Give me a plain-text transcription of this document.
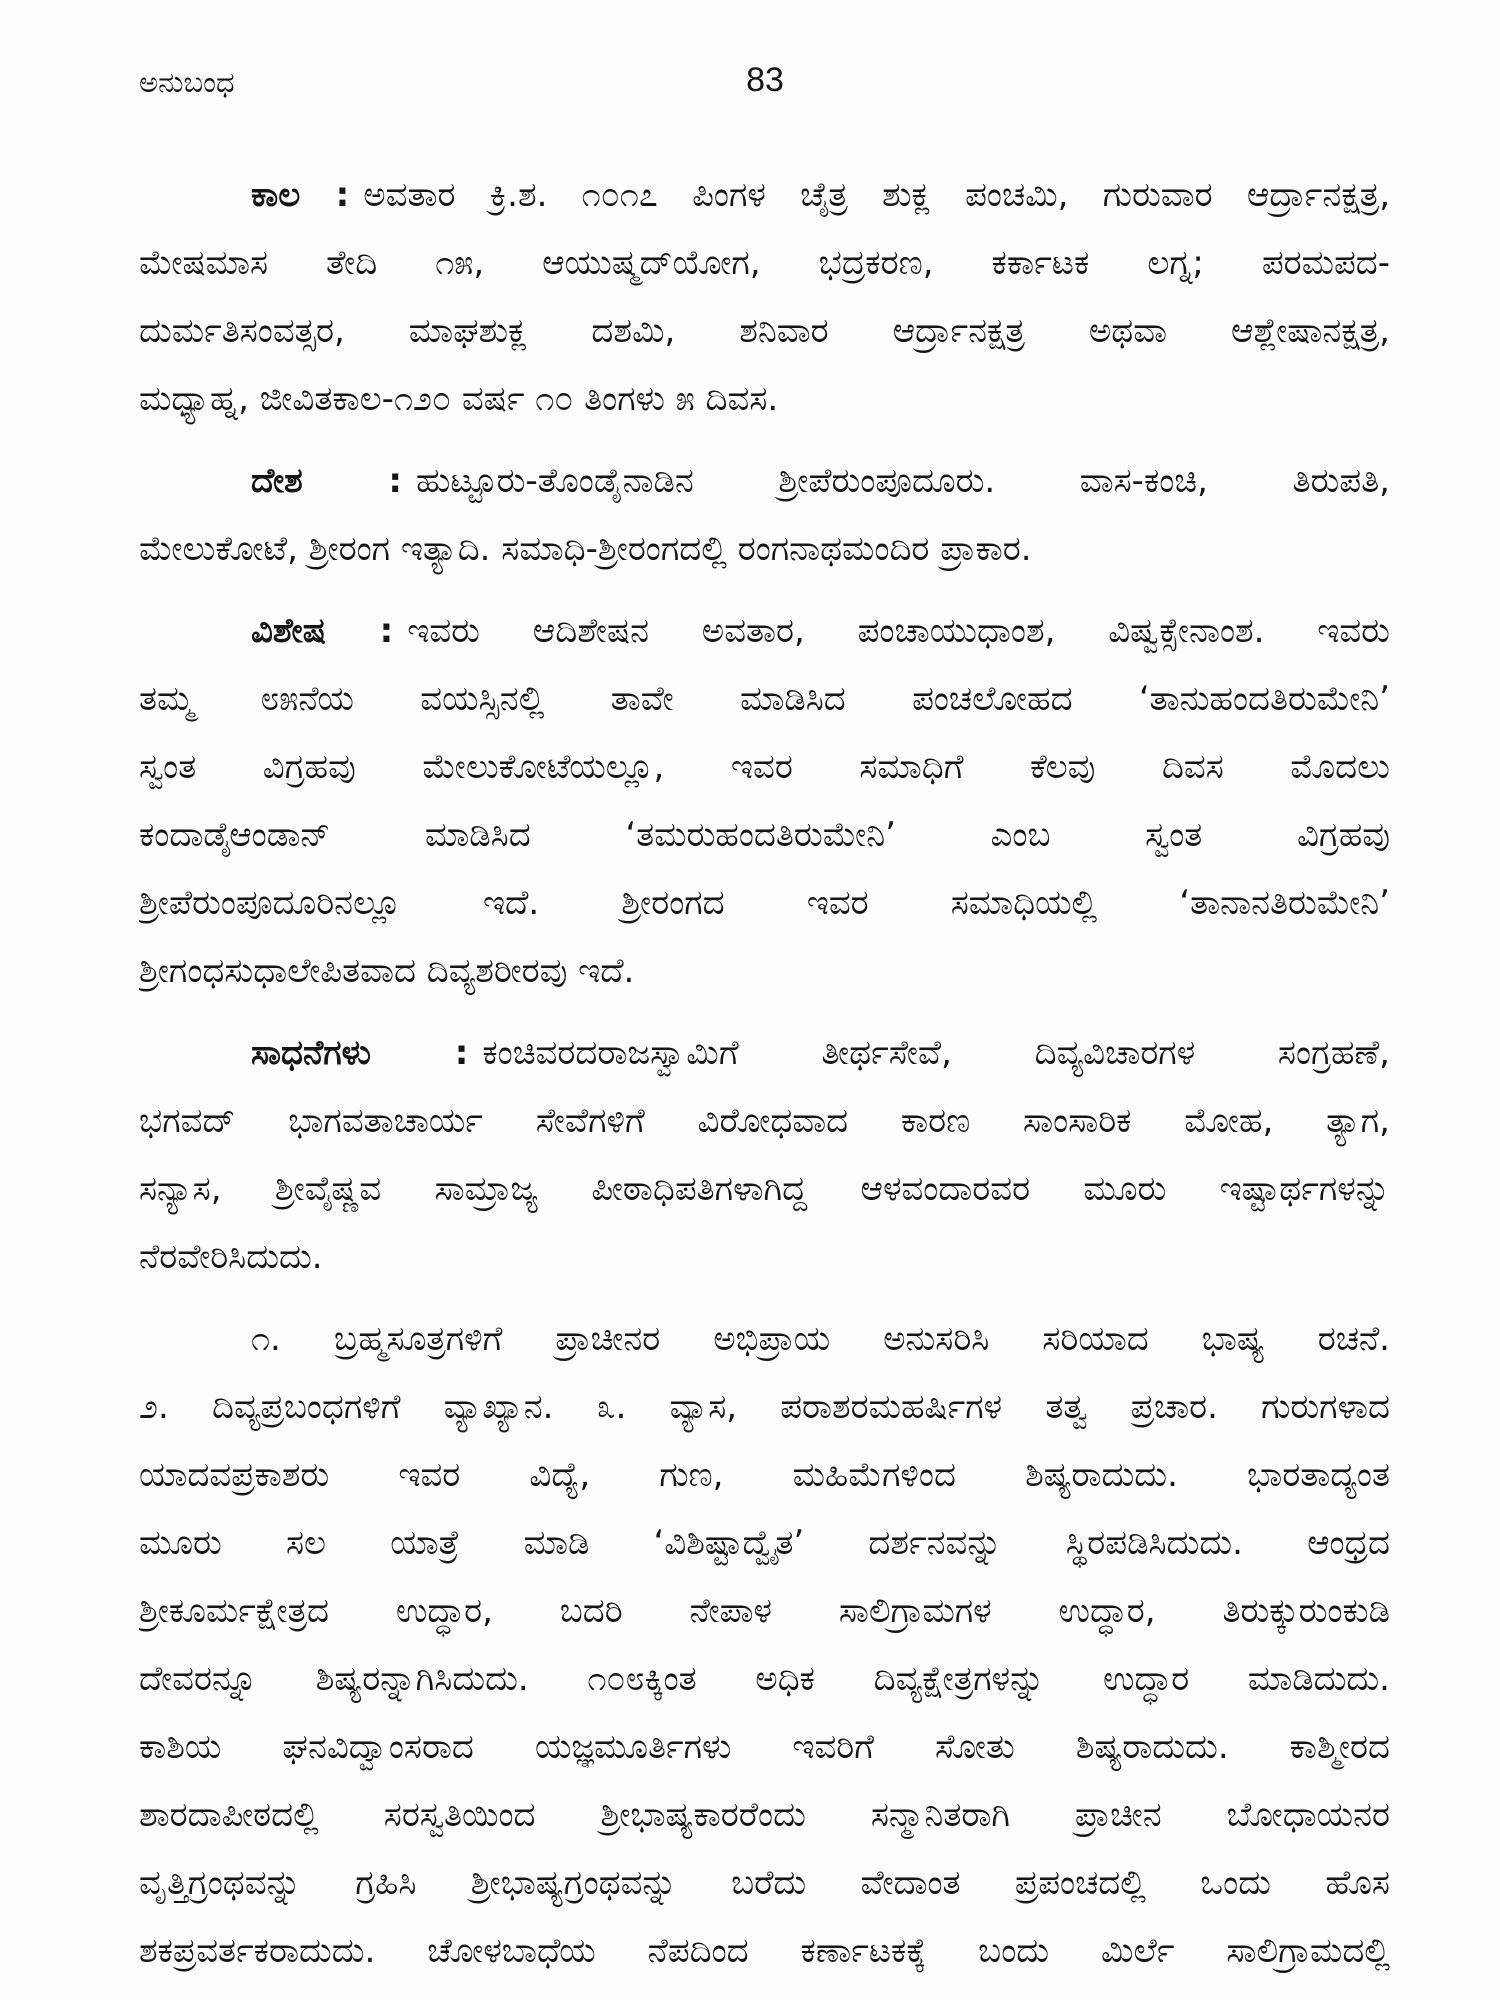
ಅನುಬಂಧ	83
ಕಾಲ : ಅವತಾರ ಕ್ರಿ.ಶ. ೧೦೧೭ ಪಿಂಗಳ ಚೈತ್ರ ಶುಕ್ಲ ಪಂಚಮಿ, ಗುರುವಾರ ಆರ್ದ್ರಾನಕ್ಷತ್ರ,
ಮೇಷಮಾಸ ತೇದಿ ೧೫, ಆಯುಷ್ಮದ್‌ಯೋಗ, ಭದ್ರಕರಣ, ಕರ್ಕಾಟಕ ಲಗ್ನ; ಪರಮಪದ-
ದುರ್ಮತಿಸಂವತ್ಸರ, ಮಾಘಶುಕ್ಲ ದಶಮಿ, ಶನಿವಾರ ಆರ್ದ್ರಾನಕ್ಷತ್ರ ಅಥವಾ ಆಶ್ಲೇಷಾನಕ್ಷತ್ರ,
ಮಧ್ಯಾಹ್ನ, ಜೀವಿತಕಾಲ-೧೨೦ ವರ್ಷ ೧೦ ತಿಂಗಳು ೫ ದಿವಸ.
ದೇಶ : ಹುಟ್ಟೂರು-ತೊಂಡೈನಾಡಿನ ಶ್ರೀಪೆರುಂಪೂದೂರು. ವಾಸ-ಕಂಚಿ, ತಿರುಪತಿ,
ಮೇಲುಕೋಟೆ, ಶ್ರೀರಂಗ ಇತ್ಯಾದಿ. ಸಮಾಧಿ-ಶ್ರೀರಂಗದಲ್ಲಿ ರಂಗನಾಥಮಂದಿರ ಪ್ರಾಕಾರ.
ವಿಶೇಷ : ಇವರು ಆದಿಶೇಷನ ಅವತಾರ, ಪಂಚಾಯುಧಾಂಶ, ವಿಷ್ವಕ್ಸೇನಾಂಶ. ಇವರು
ತಮ್ಮ ೮೫ನೆಯ ವಯಸ್ಸಿನಲ್ಲಿ ತಾವೇ ಮಾಡಿಸಿದ ಪಂಚಲೋಹದ ‘ತಾನುಹಂದತಿರುಮೇನಿ’
ಸ್ವಂತ ವಿಗ್ರಹವು ಮೇಲುಕೋಟೆಯಲ್ಲೂ, ಇವರ ಸಮಾಧಿಗೆ ಕೆಲವು ದಿವಸ ಮೊದಲು
ಕಂದಾಡೈಆಂಡಾನ್ ಮಾಡಿಸಿದ ‘ತಮರುಹಂದತಿರುಮೇನಿ’ ಎಂಬ ಸ್ವಂತ ವಿಗ್ರಹವು
ಶ್ರೀಪೆರುಂಪೂದೂರಿನಲ್ಲೂ ಇದೆ. ಶ್ರೀರಂಗದ ಇವರ ಸಮಾಧಿಯಲ್ಲಿ ‘ತಾನಾನತಿರುಮೇನಿ’
ಶ್ರೀಗಂಧಸುಧಾಲೇಪಿತವಾದ ದಿವ್ಯಶರೀರವು ಇದೆ.
ಸಾಧನೆಗಳು : ಕಂಚಿವರದರಾಜಸ್ವಾಮಿಗೆ ತೀರ್ಥಸೇವೆ, ದಿವ್ಯವಿಚಾರಗಳ ಸಂಗ್ರಹಣೆ,
ಭಗವದ್ ಭಾಗವತಾಚಾರ್ಯ ಸೇವೆಗಳಿಗೆ ವಿರೋಧವಾದ ಕಾರಣ ಸಾಂಸಾರಿಕ ಮೋಹ, ತ್ಯಾಗ,
ಸನ್ಯಾಸ, ಶ್ರೀವೈಷ್ಣವ ಸಾಮ್ರಾಜ್ಯ ಪೀಠಾಧಿಪತಿಗಳಾಗಿದ್ದ ಆಳವಂದಾರವರ ಮೂರು ಇಷ್ಟಾರ್ಥಗಳನ್ನು
ನೆರವೇರಿಸಿದುದು.
೧. ಬ್ರಹ್ಮಸೂತ್ರಗಳಿಗೆ ಪ್ರಾಚೀನರ ಅಭಿಪ್ರಾಯ ಅನುಸರಿಸಿ ಸರಿಯಾದ ಭಾಷ್ಯ ರಚನೆ.
೨. ದಿವ್ಯಪ್ರಬಂಧಗಳಿಗೆ ವ್ಯಾಖ್ಯಾನ. ೩. ವ್ಯಾಸ, ಪರಾಶರಮಹರ್ಷಿಗಳ ತತ್ವ ಪ್ರಚಾರ. ಗುರುಗಳಾದ
ಯಾದವಪ್ರಕಾಶರು ಇವರ ವಿದ್ಯೆ, ಗುಣ, ಮಹಿಮೆಗಳಿಂದ ಶಿಷ್ಯರಾದುದು. ಭಾರತಾದ್ಯಂತ
ಮೂರು ಸಲ ಯಾತ್ರೆ ಮಾಡಿ ‘ವಿಶಿಷ್ಟಾದ್ವೈತ’ ದರ್ಶನವನ್ನು ಸ್ಥಿರಪಡಿಸಿದುದು. ಆಂಧ್ರದ
ಶ್ರೀಕೂರ್ಮಕ್ಷೇತ್ರದ ಉದ್ಧಾರ, ಬದರಿ ನೇಪಾಳ ಸಾಲಿಗ್ರಾಮಗಳ ಉದ್ಧಾರ, ತಿರುಕ್ಕುರುಂಕುಡಿ
ದೇವರನ್ನೂ ಶಿಷ್ಯರನ್ನಾಗಿಸಿದುದು. ೧೦೮ಕ್ಕಿಂತ ಅಧಿಕ ದಿವ್ಯಕ್ಷೇತ್ರಗಳನ್ನು ಉದ್ಧಾರ ಮಾಡಿದುದು.
ಕಾಶಿಯ ಘನವಿದ್ವಾಂಸರಾದ ಯಜ್ಞಮೂರ್ತಿಗಳು ಇವರಿಗೆ ಸೋತು ಶಿಷ್ಯರಾದುದು. ಕಾಶ್ಮೀರದ
ಶಾರದಾಪೀಠದಲ್ಲಿ ಸರಸ್ವತಿಯಿಂದ ಶ್ರೀಭಾಷ್ಯಕಾರರೆಂದು ಸನ್ಮಾನಿತರಾಗಿ ಪ್ರಾಚೀನ ಬೋಧಾಯನರ
ವೃತ್ತಿಗ್ರಂಥವನ್ನು ಗ್ರಹಿಸಿ ಶ್ರೀಭಾಷ್ಯಗ್ರಂಥವನ್ನು ಬರೆದು ವೇದಾಂತ ಪ್ರಪಂಚದಲ್ಲಿ ಒಂದು ಹೊಸ
ಶಕಪ್ರವರ್ತಕರಾದುದು. ಚೋಳಬಾಧೆಯ ನೆಪದಿಂದ ಕರ್ಣಾಟಕಕ್ಕೆ ಬಂದು ಮಿರ್ಲೆ ಸಾಲಿಗ್ರಾಮದಲ್ಲಿ
